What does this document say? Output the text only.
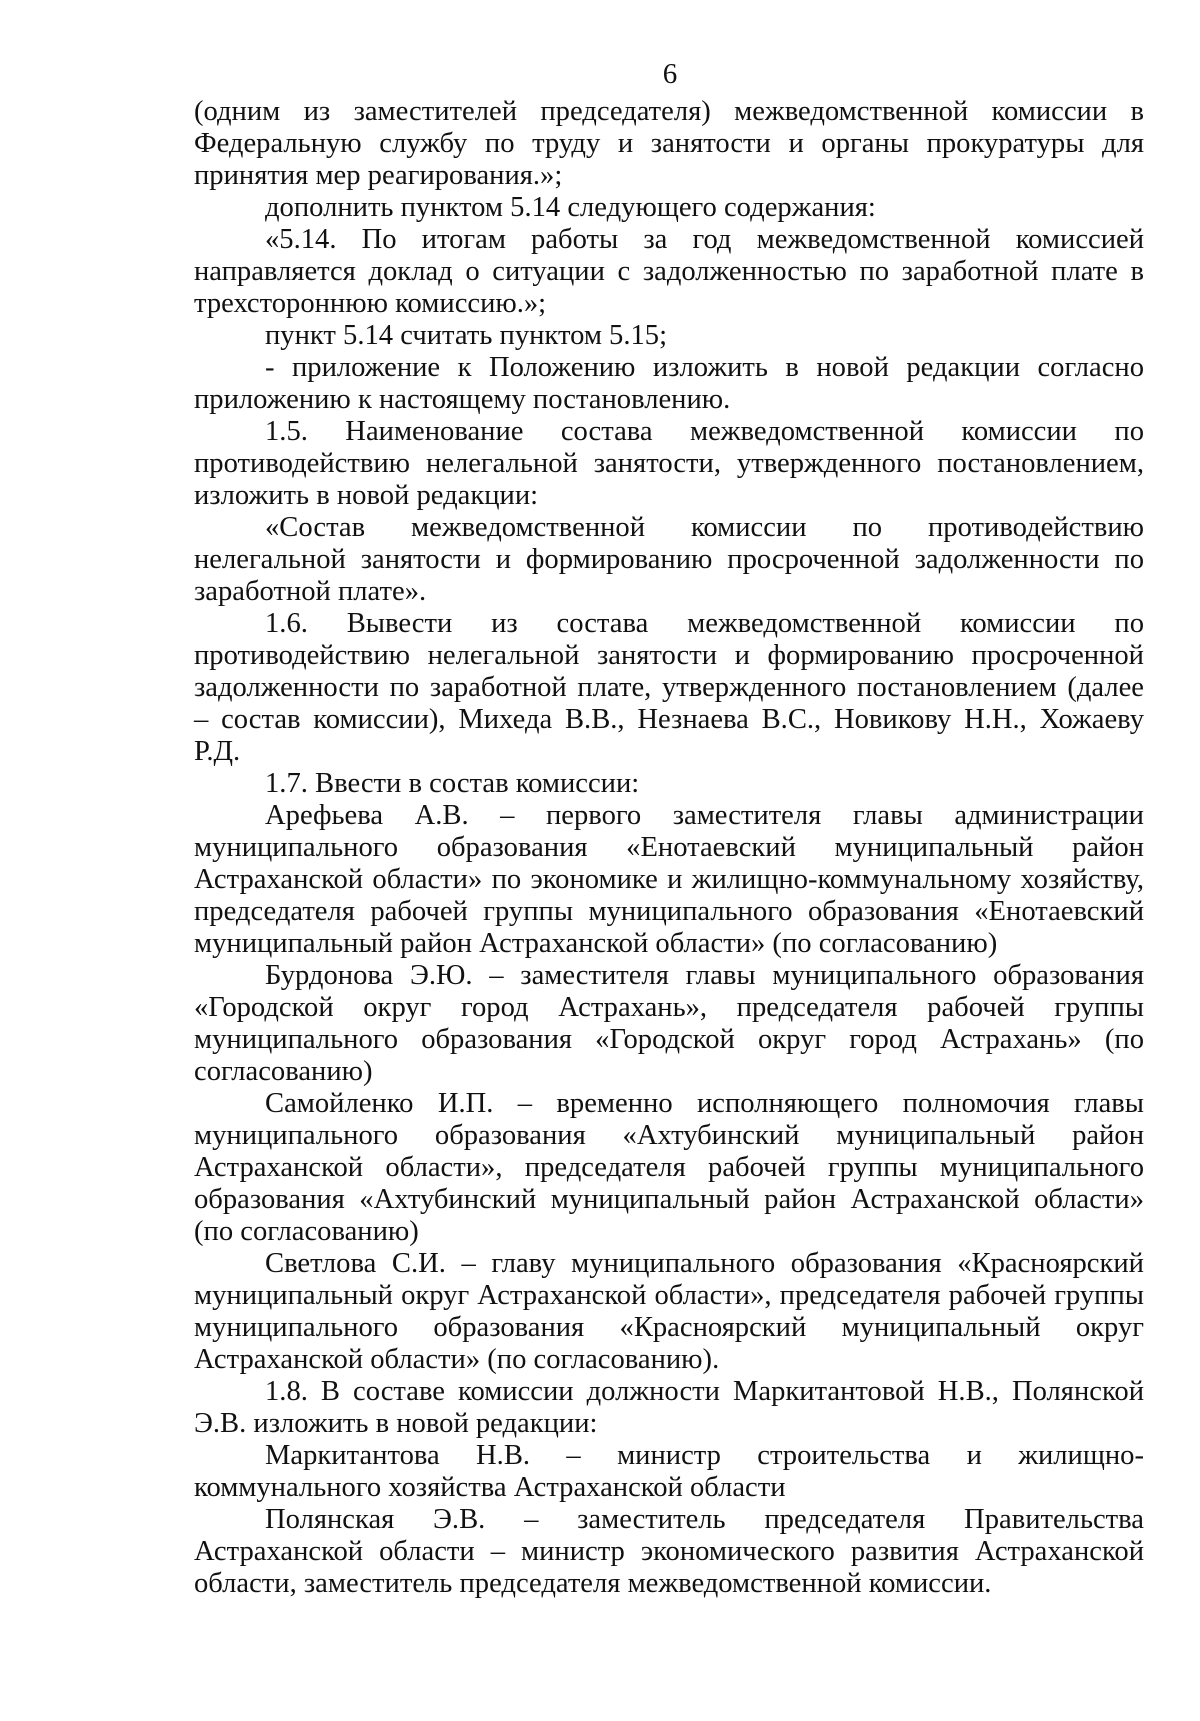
6

(одним из заместителей председателя) межведомственной комиссии в Федеральную службу по труду и занятости и органы прокуратуры для принятия мер реагирования.»;

дополнить пунктом 5.14 следующего содержания:

«5.14. По итогам работы за год межведомственной комиссией направляется доклад о ситуации с задолженностью по заработной плате в трехстороннюю комиссию.»;

пункт 5.14 считать пунктом 5.15;

- приложение к Положению изложить в новой редакции согласно приложению к настоящему постановлению.

1.5. Наименование состава межведомственной комиссии по противодействию нелегальной занятости, утвержденного постановлением, изложить в новой редакции:

«Состав межведомственной комиссии по противодействию нелегальной занятости и формированию просроченной задолженности по заработной плате».

1.6. Вывести из состава межведомственной комиссии по противодействию нелегальной занятости и формированию просроченной задолженности по заработной плате, утвержденного постановлением (далее – состав комиссии), Михеда В.В., Незнаева В.С., Новикову Н.Н., Хожаеву Р.Д.

1.7. Ввести в состав комиссии:

Арефьева А.В. – первого заместителя главы администрации муниципального образования «Енотаевский муниципальный район Астраханской области» по экономике и жилищно-коммунальному хозяйству, председателя рабочей группы муниципального образования «Енотаевский муниципальный район Астраханской области» (по согласованию)

Бурдонова Э.Ю. – заместителя главы муниципального образования «Городской округ город Астрахань», председателя рабочей группы муниципального образования «Городской округ город Астрахань» (по согласованию)

Самойленко И.П. – временно исполняющего полномочия главы муниципального образования «Ахтубинский муниципальный район Астраханской области», председателя рабочей группы муниципального образования «Ахтубинский муниципальный район Астраханской области» (по согласованию)

Светлова С.И. – главу муниципального образования «Красноярский муниципальный округ Астраханской области», председателя рабочей группы муниципального образования «Красноярский муниципальный округ Астраханской области» (по согласованию).

1.8. В составе комиссии должности Маркитантовой Н.В., Полянской Э.В. изложить в новой редакции:

Маркитантова Н.В. – министр строительства и жилищно-коммунального хозяйства Астраханской области

Полянская Э.В. – заместитель председателя Правительства Астраханской области – министр экономического развития Астраханской области, заместитель председателя межведомственной комиссии.
